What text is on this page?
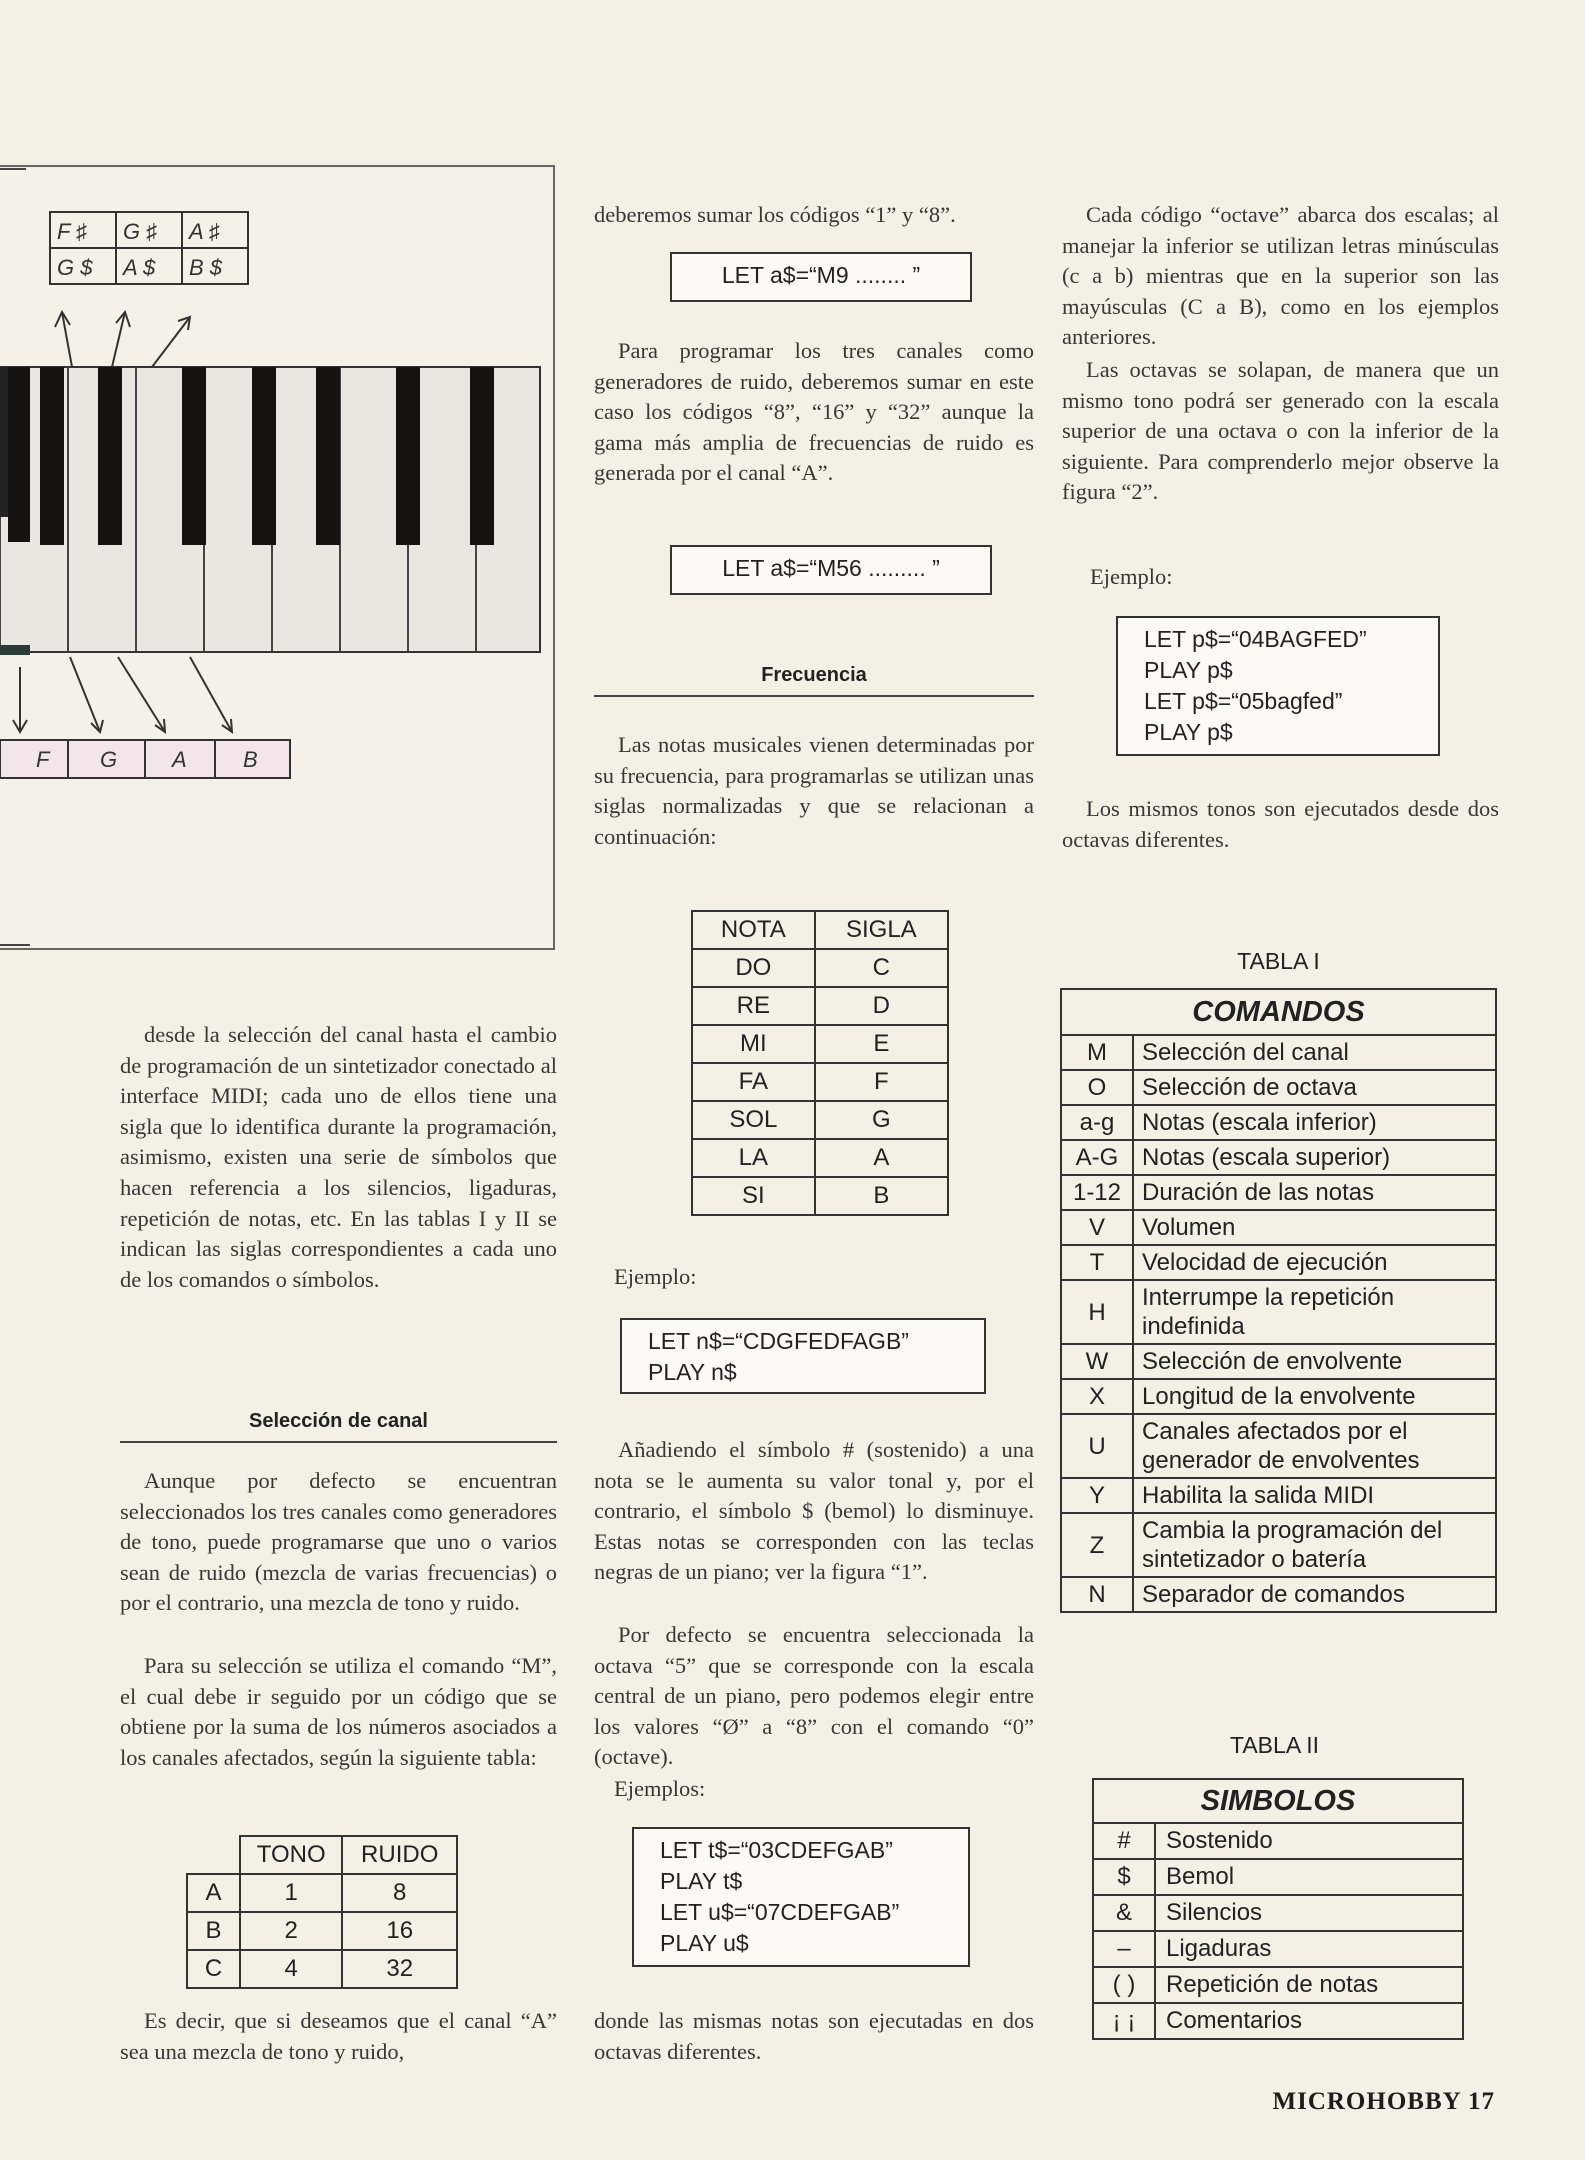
F ♯ G ♯ A ♯
G $ A $ B $
F G A	B
desde la selección del canal hasta el cambio de programación de un sintetizador conectado al interface MIDI; cada uno de ellos tiene una sigla que lo identifica durante la programación, asimismo, existen una serie de símbolos que hacen referencia a los silencios, ligaduras, repetición de notas, etc. En las tablas I y II se indican las siglas correspondientes a cada uno de los comandos o símbolos.
Selección de canal
Aunque por defecto se encuentran seleccionados los tres canales como generadores de tono, puede programarse que uno o varios sean de ruido (mezcla de varias frecuencias) o por el contrario, una mezcla de tono y ruido.
Para su selección se utiliza el comando “M”, el cual debe ir seguido por un código que se obtiene por la suma de los números asociados a los canales afectados, según la siguiente tabla:
	TONO	RUIDO
A	1	8
B	2	16
C	4	32
Es decir, que si deseamos que el canal “A” sea una mezcla de tono y ruido,
deberemos sumar los códigos “1” y “8”.
LET a$=“M9 ........ ”
Para programar los tres canales como generadores de ruido, deberemos sumar en este caso los códigos “8”, “16” y “32” aunque la gama más amplia de frecuencias de ruido es generada por el canal “A”.
LET a$=“M56 ......... ”
Frecuencia
Las notas musicales vienen determinadas por su frecuencia, para programarlas se utilizan unas siglas normalizadas y que se relacionan a continuación:
NOTA	SIGLA
DO	C
RE	D
MI	E
FA	F
SOL	G
LA	A
SI	B
Ejemplo:
LET n$=“CDGFEDFAGB”
PLAY n$
Añadiendo el símbolo # (sostenido) a una nota se le aumenta su valor tonal y, por el contrario, el símbolo $ (bemol) lo disminuye. Estas notas se corresponden con las teclas negras de un piano; ver la figura “1”.
Por defecto se encuentra seleccionada la octava “5” que se corresponde con la escala central de un piano, pero podemos elegir entre los valores “Ø” a “8” con el comando “0” (octave).
Ejemplos:
LET t$=“03CDEFGAB”
PLAY t$
LET u$=“07CDEFGAB”
PLAY u$
donde las mismas notas son ejecutadas en dos octavas diferentes.
Cada código “octave” abarca dos escalas; al manejar la inferior se utilizan letras minúsculas (c a b) mientras que en la superior son las mayúsculas (C a B), como en los ejemplos anteriores.
Las octavas se solapan, de manera que un mismo tono podrá ser generado con la escala superior de una octava o con la inferior de la siguiente. Para comprenderlo mejor observe la figura “2”.
Ejemplo:
LET p$=“04BAGFED”
PLAY p$
LET p$=“05bagfed”
PLAY p$
Los mismos tonos son ejecutados desde dos octavas diferentes.
TABLA I
COMANDOS	
M	Selección del canal
O	Selección de octava
a-g	Notas (escala inferior)
A-G	Notas (escala superior)
1-12	Duración de las notas
V	Volumen
T	Velocidad de ejecución
H	Interrumpe la repetición indefinida
W	Selección de envolvente
X	Longitud de la envolvente
U	Canales afectados por el generador de envolventes
Y	Habilita la salida MIDI
Z	Cambia la programación del sintetizador o batería
N	Separador de comandos
TABLA II
SIMBOLOS	
#	Sostenido
$	Bemol
&	Silencios
–	Ligaduras
( )	Repetición de notas
¡ ¡	Comentarios
MICROHOBBY 17
